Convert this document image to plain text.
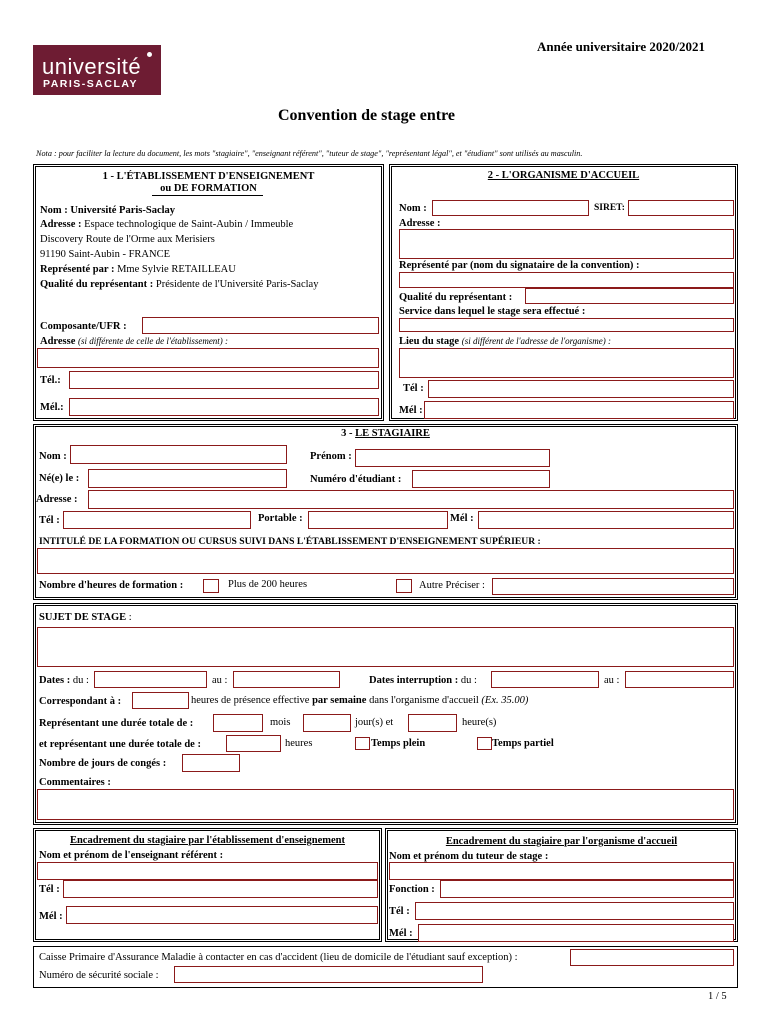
université
PARIS-SACLAY
Année universitaire 2020/2021
Convention de stage entre
Nota : pour faciliter la lecture du document, les mots "stagiaire", "enseignant référent", "tuteur de stage", "représentant légal", et "étudiant" sont utilisés au masculin.
1 - L'ÉTABLISSEMENT D'ENSEIGNEMENT
ou DE FORMATION
Nom : Université Paris-Saclay
Adresse : Espace technologique de Saint-Aubin / Immeuble
Discovery Route de l'Orme aux Merisiers
91190 Saint-Aubin - FRANCE
Représenté par : Mme Sylvie RETAILLEAU
Qualité du représentant : Présidente de l'Université Paris-Saclay
Composante/UFR :
Adresse (si différente de celle de l'établissement) :
Tél.:
Mél.:
2 - L'ORGANISME D'ACCUEIL
Nom :	SIRET:
Adresse :
Représenté par (nom du signataire de la convention) :
Qualité du représentant :
Service dans lequel le stage sera effectué :
Lieu du stage (si différent de l'adresse de l'organisme) :
Tél :
Mél :
3 - LE STAGIAIRE
Nom :	Prénom :
Né(e) le :	Numéro d'étudiant :
Adresse :
Tél :	Portable :	Mél :
INTITULÉ DE LA FORMATION OU CURSUS SUIVI DANS L'ÉTABLISSEMENT D'ENSEIGNEMENT SUPÉRIEUR :
Nombre d'heures de formation :	Plus de 200 heures	Autre Préciser :
SUJET DE STAGE :
Dates : du :	au :	Dates interruption : du :	au :
Correspondant à :	heures de présence effective par semaine dans l'organisme d'accueil (Ex. 35.00)
Représentant une durée totale de :	mois	jour(s) et	heure(s)
et représentant une durée totale de :	heures	Temps plein	Temps partiel
Nombre de jours de congés :
Commentaires :
Encadrement du stagiaire par l'établissement d'enseignement
Nom et prénom de l'enseignant référent :
Tél :
Mél :
Encadrement du stagiaire par l'organisme d'accueil
Nom et prénom du tuteur de stage :
Fonction :
Tél :
Mél :
Caisse Primaire d'Assurance Maladie à contacter en cas d'accident (lieu de domicile de l'étudiant sauf exception) :
Numéro de sécurité sociale :
1 / 5
